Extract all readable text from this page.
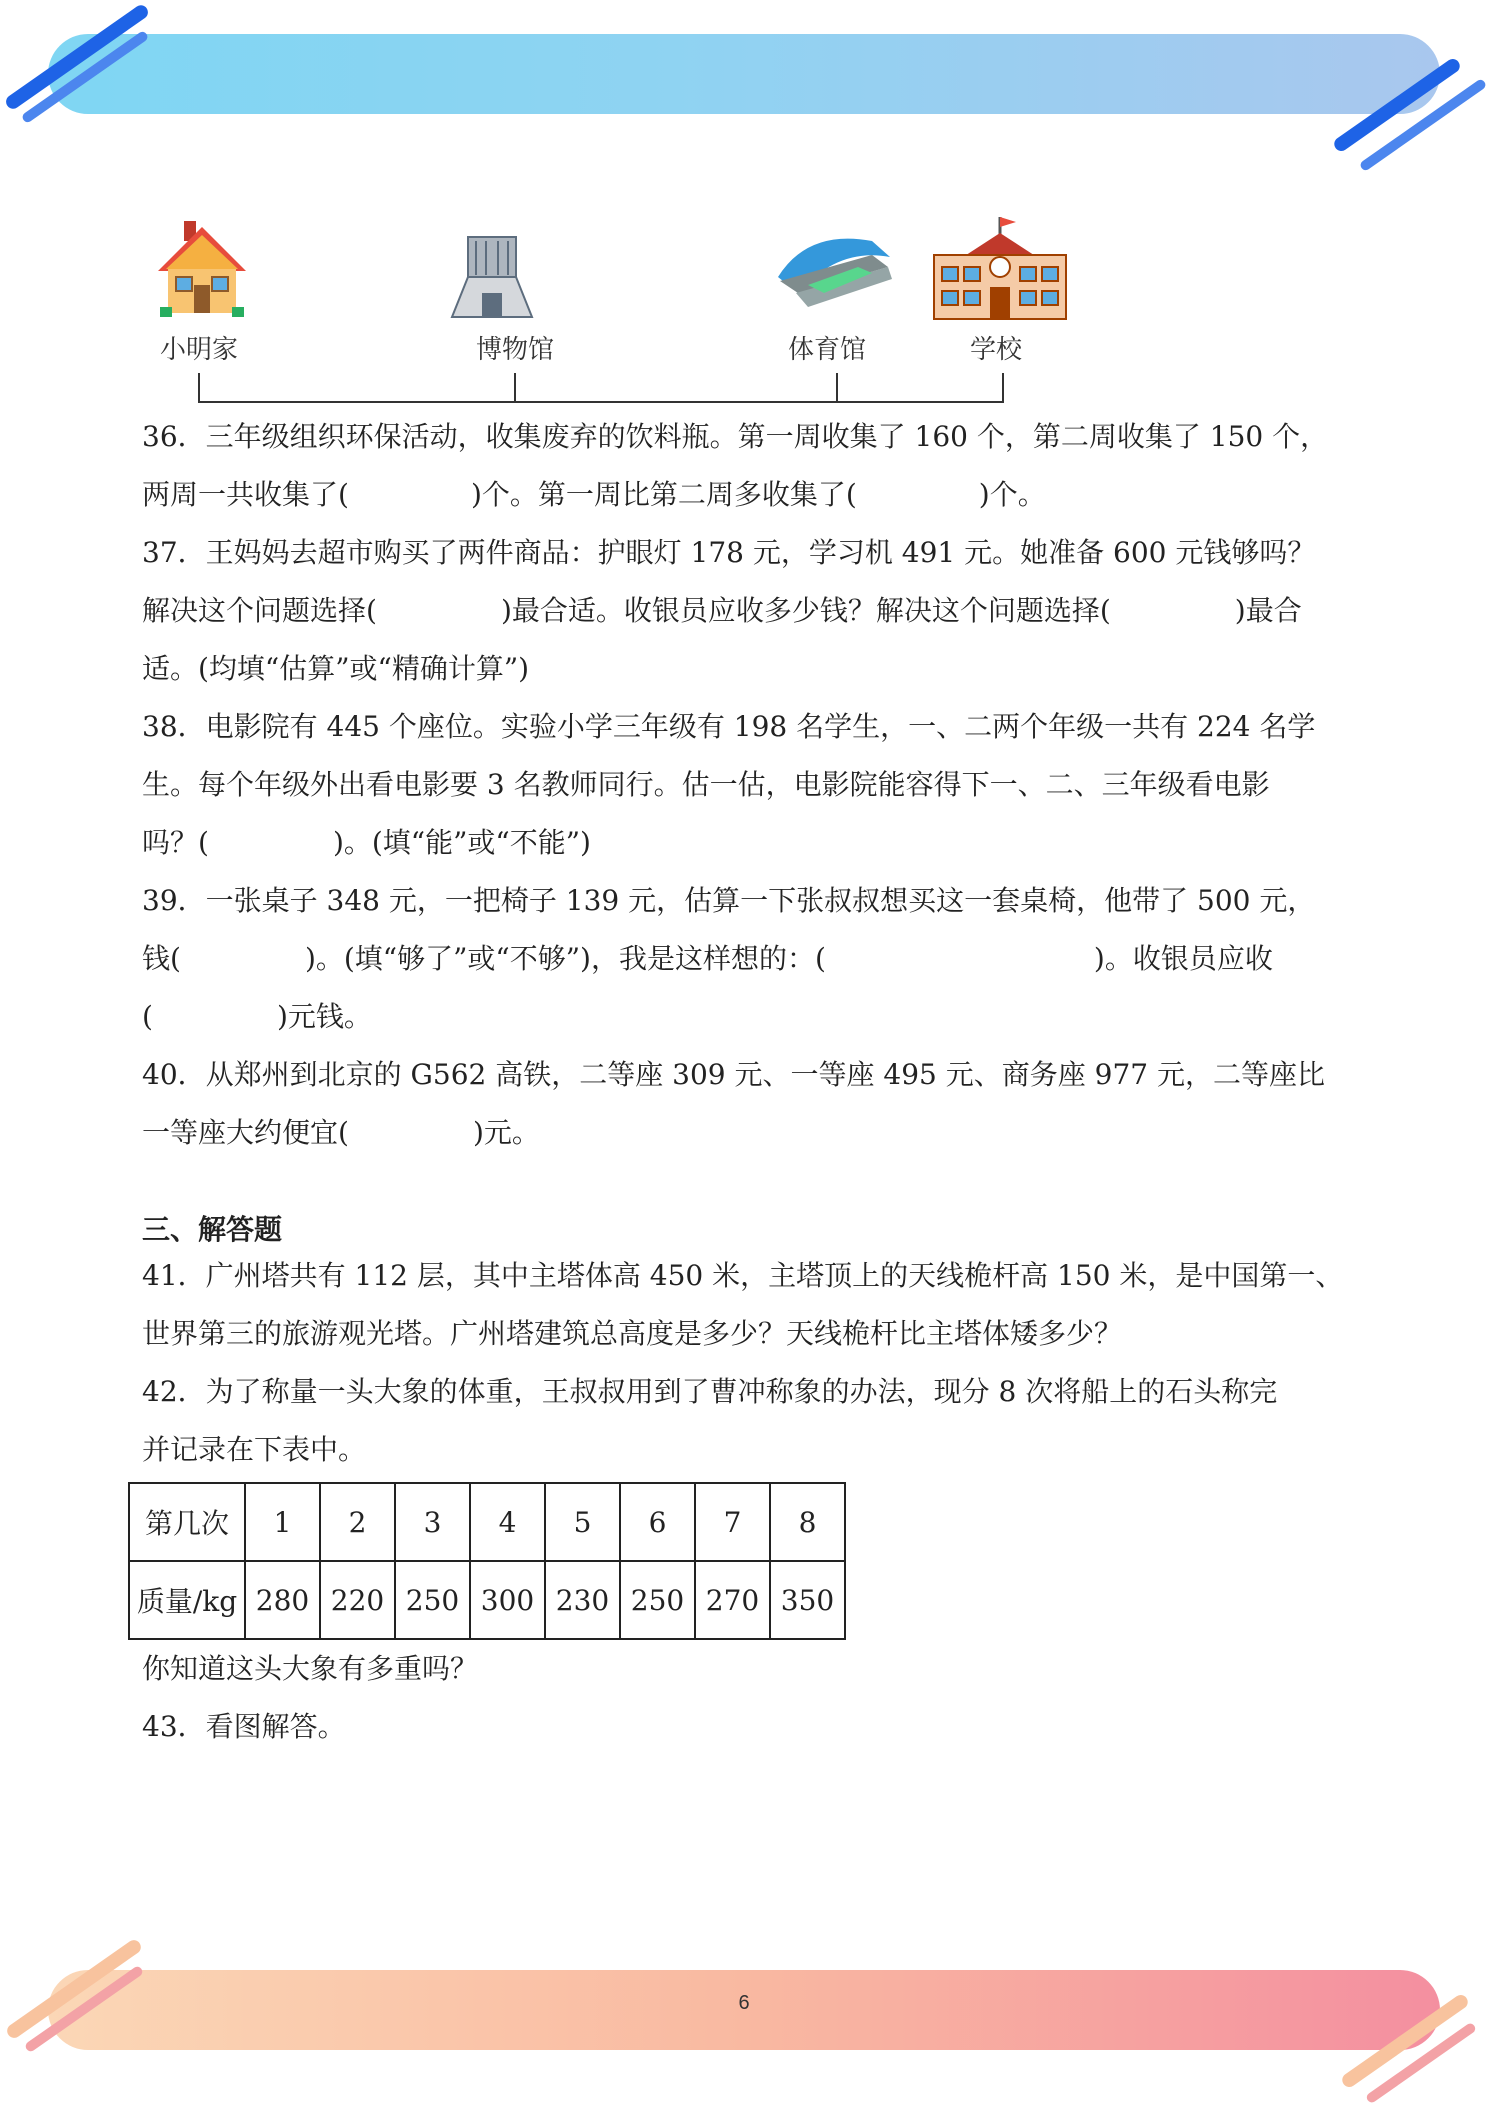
小明家	博物馆	体育馆	学校

36．三年级组织环保活动，收集废弃的饮料瓶。第一周收集了 160 个，第二周收集了 150 个，

两周一共收集了(	)个。第一周比第二周多收集了(	)个。

37．王妈妈去超市购买了两件商品：护眼灯 178 元，学习机 491 元。她准备 600 元钱够吗？

解决这个问题选择(	)最合适。收银员应收多少钱？解决这个问题选择(	)最合

适。(均填“估算”或“精确计算”)

38．电影院有 445 个座位。实验小学三年级有 198 名学生，一、二两个年级一共有 224 名学

生。每个年级外出看电影要 3 名教师同行。估一估，电影院能容得下一、二、三年级看电影

吗？(	)。(填“能”或“不能”)

39．一张桌子 348 元，一把椅子 139 元，估算一下张叔叔想买这一套桌椅，他带了 500 元，

钱(	)。(填“够了”或“不够”)，我是这样想的：(	)。收银员应收

(	)元钱。

40．从郑州到北京的 G562 高铁，二等座 309 元、一等座 495 元、商务座 977 元，二等座比

一等座大约便宜(	)元。

三、解答题

41．广州塔共有 112 层，其中主塔体高 450 米，主塔顶上的天线桅杆高 150 米，是中国第一、

世界第三的旅游观光塔。广州塔建筑总高度是多少？天线桅杆比主塔体矮多少？

42．为了称量一头大象的体重，王叔叔用到了曹冲称象的办法，现分 8 次将船上的石头称完

并记录在下表中。

第几次	1	2	3	4	5	6	7	8
质量/kg	280	220	250	300	230	250	270	350

你知道这头大象有多重吗？

43．看图解答。

6
